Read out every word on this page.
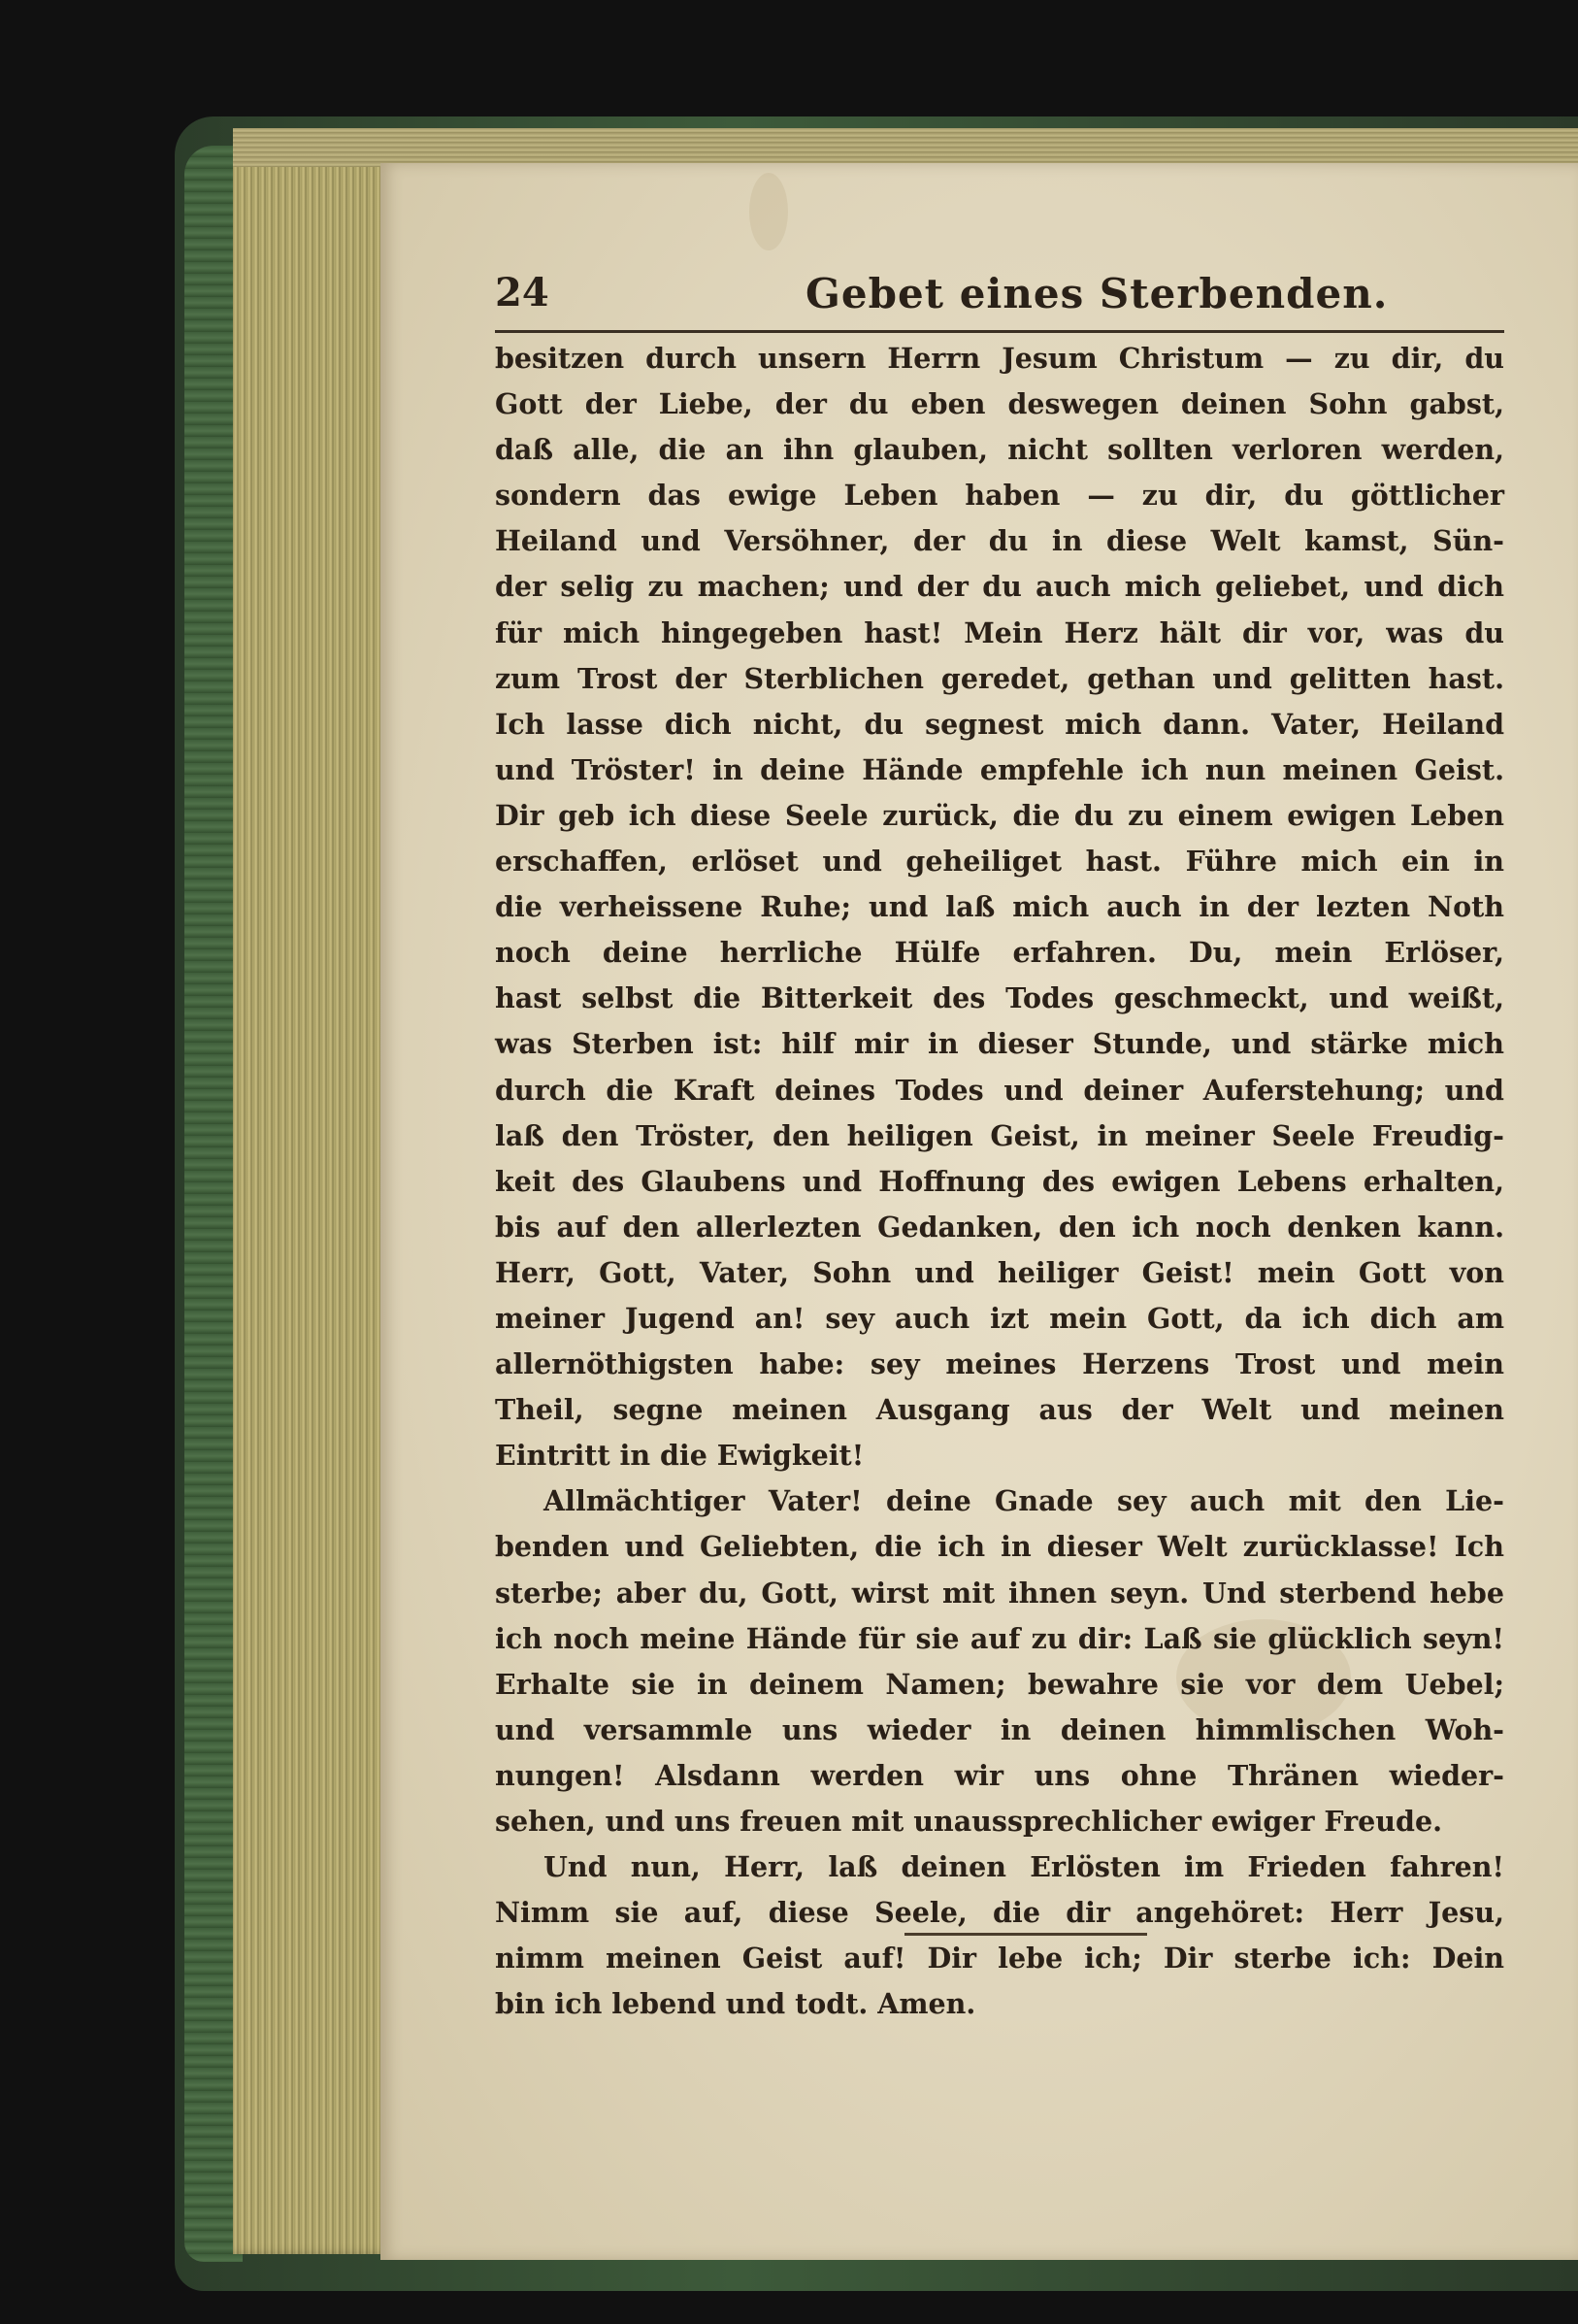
24	Gebet eines Sterbenden.
besitzen durch unsern Herrn Jesum Christum — zu dir, du
Gott der Liebe, der du eben deswegen deinen Sohn gabst,
daß alle, die an ihn glauben, nicht sollten verloren werden,
sondern das ewige Leben haben — zu dir, du göttlicher
Heiland und Versöhner, der du in diese Welt kamst, Sün-
der selig zu machen; und der du auch mich geliebet, und dich
für mich hingegeben hast! Mein Herz hält dir vor, was du
zum Trost der Sterblichen geredet, gethan und gelitten hast.
Ich lasse dich nicht, du segnest mich dann. Vater, Heiland
und Tröster! in deine Hände empfehle ich nun meinen Geist.
Dir geb ich diese Seele zurück, die du zu einem ewigen Leben
erschaffen, erlöset und geheiliget hast. Führe mich ein in
die verheissene Ruhe; und laß mich auch in der lezten Noth
noch deine herrliche Hülfe erfahren. Du, mein Erlöser,
hast selbst die Bitterkeit des Todes geschmeckt, und weißt,
was Sterben ist: hilf mir in dieser Stunde, und stärke mich
durch die Kraft deines Todes und deiner Auferstehung; und
laß den Tröster, den heiligen Geist, in meiner Seele Freudig-
keit des Glaubens und Hoffnung des ewigen Lebens erhalten,
bis auf den allerlezten Gedanken, den ich noch denken kann.
Herr, Gott, Vater, Sohn und heiliger Geist! mein Gott von
meiner Jugend an! sey auch izt mein Gott, da ich dich am
allernöthigsten habe: sey meines Herzens Trost und mein
Theil, segne meinen Ausgang aus der Welt und meinen
Eintritt in die Ewigkeit!
Allmächtiger Vater! deine Gnade sey auch mit den Lie-
benden und Geliebten, die ich in dieser Welt zurücklasse! Ich
sterbe; aber du, Gott, wirst mit ihnen seyn. Und sterbend hebe
ich noch meine Hände für sie auf zu dir: Laß sie glücklich seyn!
Erhalte sie in deinem Namen; bewahre sie vor dem Uebel;
und versammle uns wieder in deinen himmlischen Woh-
nungen! Alsdann werden wir uns ohne Thränen wieder-
sehen, und uns freuen mit unaussprechlicher ewiger Freude.
Und nun, Herr, laß deinen Erlösten im Frieden fahren!
Nimm sie auf, diese Seele, die dir angehöret: Herr Jesu,
nimm meinen Geist auf! Dir lebe ich; Dir sterbe ich: Dein
bin ich lebend und todt. Amen.
